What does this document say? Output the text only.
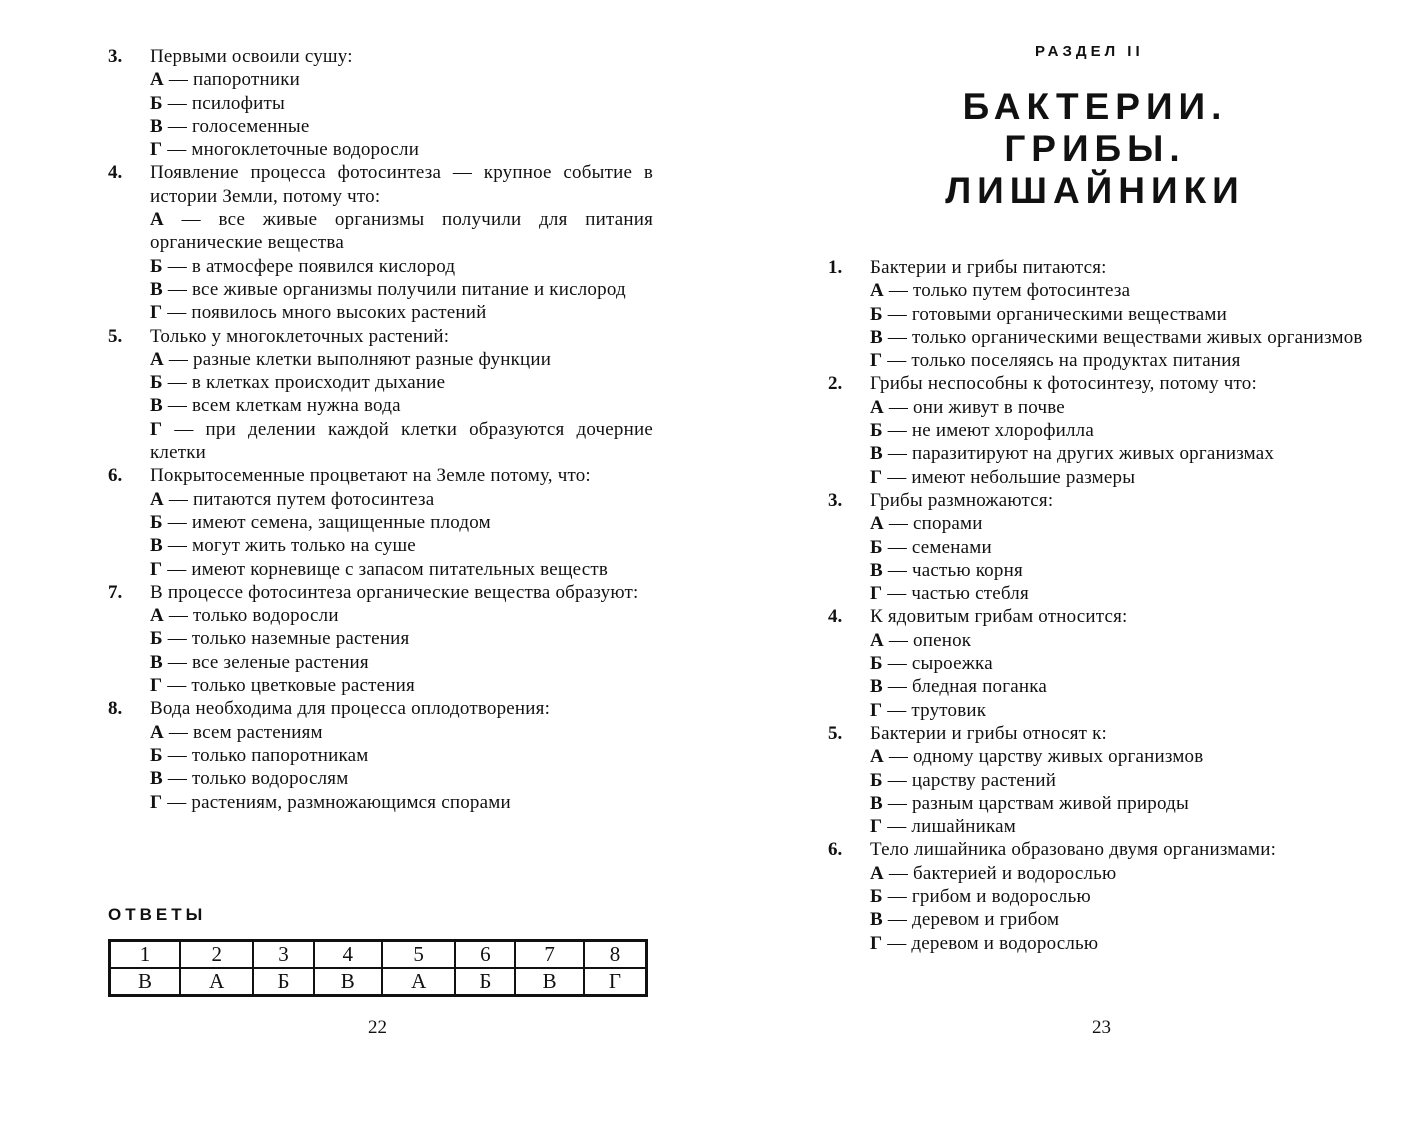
3.	Первыми освоили сушу:
А — папоротники
Б — псилофиты
В — голосеменные
Г — многоклеточные водоросли
4.	Появление процесса фотосинтеза — крупное событие в истории Земли, потому что:
А — все живые организмы получили для питания органические вещества
Б — в атмосфере появился кислород
В — все живые организмы получили питание и кислород
Г — появилось много высоких растений
5.	Только у многоклеточных растений:
А — разные клетки выполняют разные функции
Б — в клетках происходит дыхание
В — всем клеткам нужна вода
Г — при делении каждой клетки образуются дочерние клетки
6.	Покрытосеменные процветают на Земле потому, что:
А — питаются путем фотосинтеза
Б — имеют семена, защищенные плодом
В — могут жить только на суше
Г — имеют корневище с запасом питательных веществ
7.	В процессе фотосинтеза органические вещества образуют:
А — только водоросли
Б — только наземные растения
В — все зеленые растения
Г — только цветковые растения
8.	Вода необходима для процесса оплодотворения:
А — всем растениям
Б — только папоротникам
В — только водорослям
Г — растениям, размножающимся спорами
ОТВЕТЫ
1	2	3	4	5	6	7	8
В	А	Б	В	А	Б	В	Г
22
РАЗДЕЛ II
БАКТЕРИИ.
ГРИБЫ.
ЛИШАЙНИКИ
1.	Бактерии и грибы питаются:
А — только путем фотосинтеза
Б — готовыми органическими веществами
В — только органическими веществами живых организмов
Г — только поселяясь на продуктах питания
2.	Грибы неспособны к фотосинтезу, потому что:
А — они живут в почве
Б — не имеют хлорофилла
В — паразитируют на других живых организмах
Г — имеют небольшие размеры
3.	Грибы размножаются:
А — спорами
Б — семенами
В — частью корня
Г — частью стебля
4.	К ядовитым грибам относится:
А — опенок
Б — сыроежка
В — бледная поганка
Г — трутовик
5.	Бактерии и грибы относят к:
А — одному царству живых организмов
Б — царству растений
В — разным царствам живой природы
Г — лишайникам
6.	Тело лишайника образовано двумя организмами:
А — бактерией и водорослью
Б — грибом и водорослью
В — деревом и грибом
Г — деревом и водорослью
23
